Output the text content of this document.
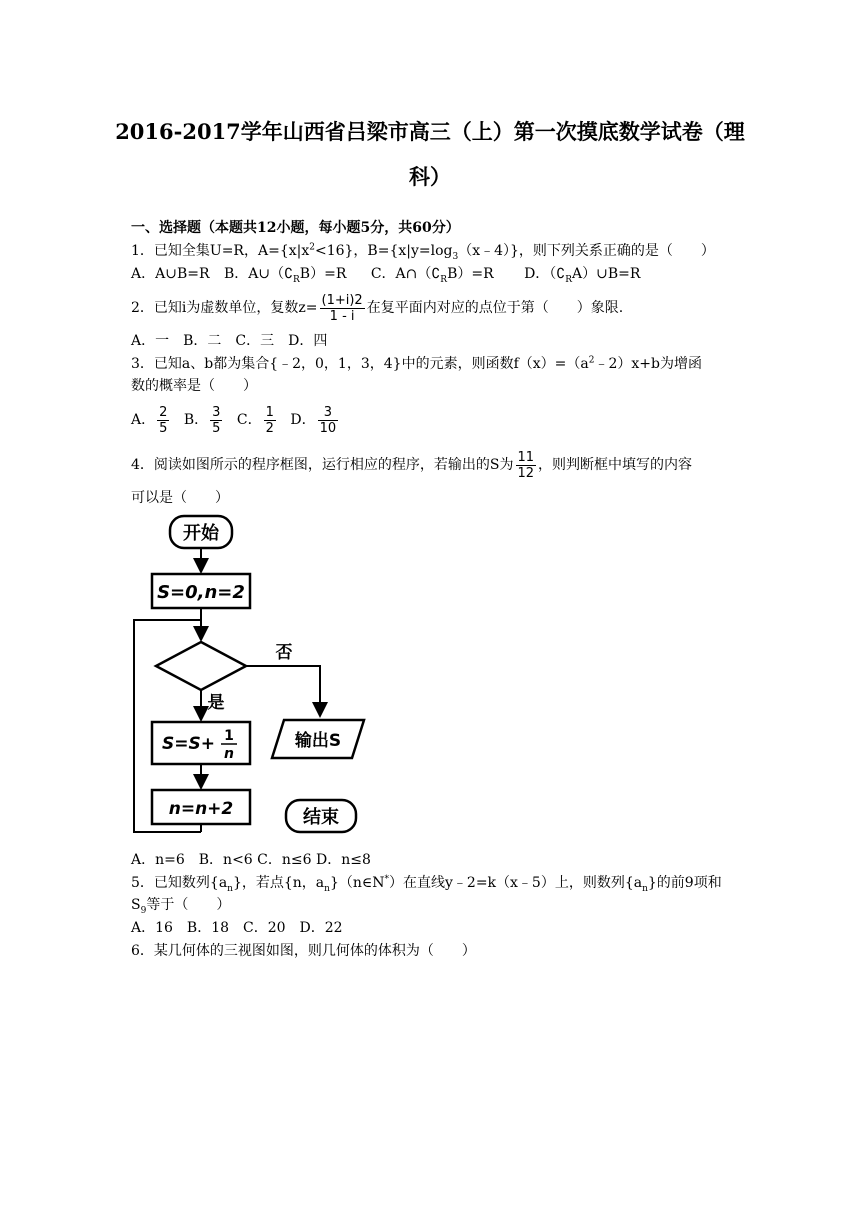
2016-2017学年山西省吕梁市高三（上）第一次摸底数学试卷（理
科）
一、选择题（本题共12小题，每小题5分，共60分）
1．已知全集U=R，$A=\{x|x^2<16\}$，$B=\{x|y=\log_3(x﹣4)\}$，则下列关系正确的是（　　）
A．A∪B=R B．$A\cup(∁_RB)=R$ C．$A\cap(∁_RB)=R$ D．$(∁_RA)\cup B=R$
2．已知i为虚数单位，复数$z= \frac{(1+i)2}{1 - i}$ 在复平面内对应的点位于第（　　）象限.
A．一　B．二　C．三　D．四
3．已知a、b都为集合{﹣2，0，1，3，4}中的元素，则函数$f(x)=(a^2﹣2)x+b$为增函
数的概率是（　　）
A． $\frac{2}{5}$ B． $\frac{3}{5}$ C． $\frac{1}{2}$ D． $\frac{3}{10}$
4．阅读如图所示的程序框图，运行相应的程序，若输出的S为 $\frac{11}{12}$ ，则判断框中填写的内容
可以是（　　）
开始
S=0,n=2
否
是
S=S+ 1
n
输出S
n=n+2	结束
A．n=6　B．n<6 C．n≤6 D．n≤8
5．已知数列$\{a_n\}$，若点{n，$a_n\}(n\in N^*)$在直线y﹣2=k（x﹣5）上，则数列$\{a_n\}$的前9项和
$S_9$等于（　　）
A．16　B．18　C．20　D．22
6．某几何体的三视图如图，则几何体的体积为（　　）
